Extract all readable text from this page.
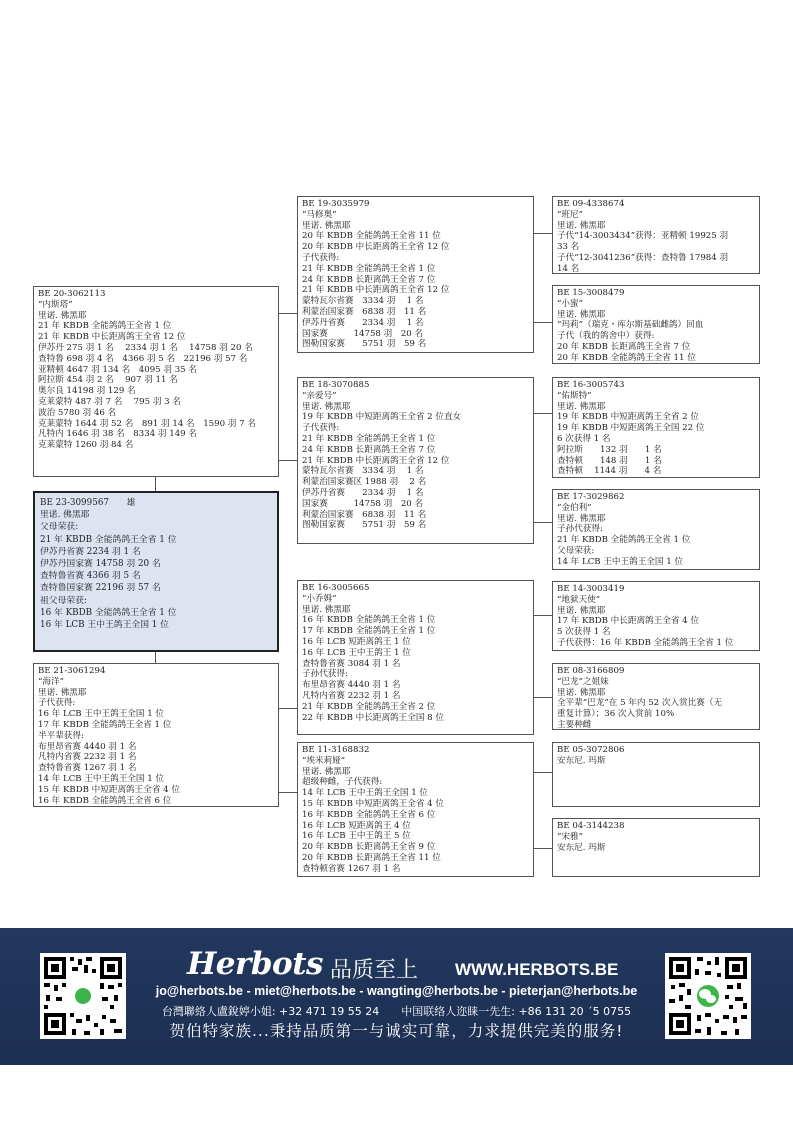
BE 20-3062113
“内斯塔”
里诺. 佛黑耶
21 年 KBDB 全能鸽鸽王全省 1 位
21 年 KBDB 中长距离鸽王全省 12 位
伊苏丹 275 羽 1 名　 2334 羽 1 名　 14758 羽 20 名
查特鲁 698 羽 4 名　4366 羽 5 名　22196 羽 57 名
亚精顿 4647 羽 134 名　4095 羽 35 名
阿拉斯 454 羽 2 名　 907 羽 11 名
奥尔良 14198 羽 129 名
克莱蒙特 487 羽 7 名　 795 羽 3 名
波治 5780 羽 46 名
克莱蒙特 1644 羽 52 名　891 羽 14 名　1590 羽 7 名
凡特内 1646 羽 38 名　8334 羽 149 名
克莱蒙特 1260 羽 84 名
BE 23-3099567　　雄
里诺. 佛黑耶
父母荣获:
21 年 KBDB 全能鸽鸽王全省 1 位
伊苏丹省赛 2234 羽 1 名
伊苏丹国家赛 14758 羽 20 名
查特鲁省赛 4366 羽 5 名
查特鲁国家赛 22196 羽 57 名
祖父母荣获:
16 年 KBDB 全能鸽鸽王全省 1 位
16 年 LCB 王中王鸽王全国 1 位
BE 21-3061294
“海洋”
里诺. 佛黑耶
子代获得:
16 年 LCB 王中王鸽王全国 1 位
17 年 KBDB 全能鸽鸽王全省 1 位
半平辈获得:
布里昂省赛 4440 羽 1 名
凡特内省赛 2232 羽 1 名
查特鲁省赛 1267 羽 1 名
14 年 LCB 王中王鸽王全国 1 位
15 年 KBDB 中短距离鸽王全省 4 位
16 年 KBDB 全能鸽鸽王全省 6 位
BE 19-3035979
“马修奥”
里诺. 佛黑耶
20 年 KBDB 全能鸽鸽王全省 11 位
20 年 KBDB 中长距离鸽王全省 12 位
子代获得:
21 年 KBDB 全能鸽鸽王全省 1 位
24 年 KBDB 长距离鸽王全省 7 位
21 年 KBDB 中长距离鸽王全省 12 位
蒙特瓦尔省赛　3334 羽　 1 名
利蒙治国家赛　6838 羽　11 名
伊苏丹省赛　　2334 羽　 1 名
国家赛　　　14758 羽　20 名
图勒国家赛　　5751 羽　59 名
BE 18-3070885
“亲爱号”
里诺. 佛黑耶
19 年 KBDB 中短距离鸽王全省 2 位直女
子代获得:
21 年 KBDB 全能鸽鸽王全省 1 位
24 年 KBDB 长距离鸽王全省 7 位
21 年 KBDB 中长距离鸽王全省 12 位
蒙特瓦尔省赛　3334 羽　 1 名
利蒙治国家赛区 1988 羽　 2 名
伊苏丹省赛　　2334 羽　 1 名
国家赛　　　14758 羽　20 名
利蒙治国家赛　6838 羽　11 名
图勒国家赛　　5751 羽　59 名
BE 16-3005665
“小乔姆”
里诺. 佛黑耶
16 年 KBDB 全能鸽鸽王全省 1 位
17 年 KBDB 全能鸽鸽王全省 1 位
16 年 LCB 短距离鸽王 1 位
16 年 LCB 王中王鸽王 1 位
查特鲁省赛 3084 羽 1 名
子孙代获得:
布里昂省赛 4440 羽 1 名
凡特内省赛 2232 羽 1 名
21 年 KBDB 全能鸽鸽王全省 2 位
22 年 KBDB 中长距离鸽王全国 8 位
BE 11-3168832
“埃米莉娅”
里诺. 佛黑耶
超级种雌，子代获得:
14 年 LCB 王中王鸽王全国 1 位
15 年 KBDB 中短距离鸽王全省 4 位
16 年 KBDB 全能鸽鸽王全省 6 位
16 年 LCB 短距离鸽王 4 位
16 年 LCB 王中王鸽王 5 位
20 年 KBDB 长距离鸽王全省 9 位
20 年 KBDB 长距离鸽王全省 11 位
查特顿省赛 1267 羽 1 名
BE 09-4338674
“班尼”
里诺. 佛黑耶
子代“14-3003434”获得：亚精顿 19925 羽
33 名
子代“12-3041236”获得：查特鲁 17984 羽
14 名
BE 15-3008479
“小蜜”
里诺. 佛黑耶
“玛莉”（瑞克・库尔斯基础雌鸽）回血
子代（我的鸽舍中）获得:
20 年 KBDB 长距离鸽王全省 7 位
20 年 KBDB 全能鸽鸽王全省 11 位
BE 16-3005743
“佑斯特”
里诺. 佛黑耶
19 年 KBDB 中短距离鸽王全省 2 位
19 年 KBDB 中短距离鸽王全国 22 位
6 次获得 1 名
阿拉斯　　132 羽　　1 名
查特顿　　148 羽　　1 名
查特顿　 1144 羽　　4 名
BE 17-3029862
“金伯利”
里诺. 佛黑耶
子孙代获得:
21 年 KBDB 全能鸽鸽王全省 1 位
父母荣获:
14 年 LCB 王中王鸽王全国 1 位
BE 14-3003419
“地狱天使”
里诺. 佛黑耶
17 年 KBDB 中长距离鸽王全省 4 位
5 次获得 1 名
子代获得：16 年 KBDB 全能鸽鸽王全省 1 位
BE 08-3166809
“巴龙”之姐妹
里诺. 佛黑耶
全平辈“巴龙”在 5 年内 52 次入赏比赛（无
重复计算）；36 次入赏前 10%
主要种雌
BE 05-3072806
安东尼. 玛斯
BE 04-3144238
“宋雅”
安东尼. 玛斯
Herbots 品质至上 WWW.HERBOTS.BE
jo@herbots.be - miet@herbots.be - wangting@herbots.be - pieterjan@herbots.be
台灣聯絡人盧銳婷小姐: +32 471 19 55 24　　中国联络人迩睐一先生: +86 131 20 ´5 0755
贺伯特家族...秉持品质第一与诚实可靠，力求提供完美的服务!
